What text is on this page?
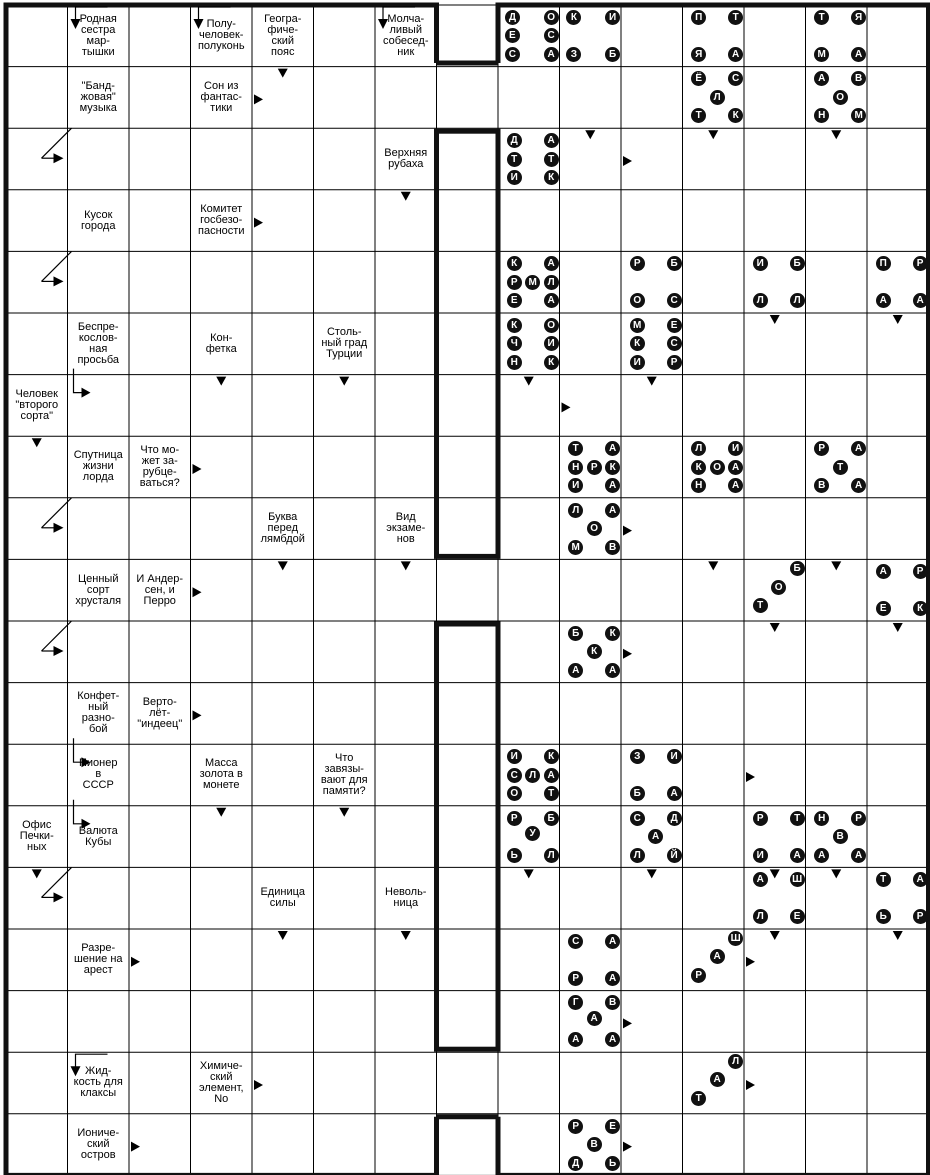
Родная
сестра
мар-
тышки
Полу-
человек-
полуконь
Геогра-
фиче-
ский
пояс
Молча-
ливый
собесед-
ник
"Банд-
жовая"
музыка
Сон из
фантас-
тики
Верхняя
рубаха
Кусок
города
Комитет
госбезо-
пасности
Беспре-
кослов-
ная
просьба
Кон-
фетка
Столь-
ный град
Турции
Человек
"второго
сорта"
Спутница
жизни
лорда
Что мо-
жет за-
рубце-
ваться?
Буква
перед
лямбдой
Вид
экзаме-
нов
Ценный
сорт
хрусталя
И Андер-
сен, и
Перро
Конфет-
ный
разно-
бой
Верто-
лёт-
"индеец"
Пионер
в
СССР
Масса
золота в
монете
Что
завязы-
вают для
памяти?
Офис
Печки-
ных
Валюта
Кубы
Единица
силы
Неволь-
ница
Разре-
шение на
арест
Жид-
кость для
клаксы
Химиче-
ский
элемент,
No
Иониче-
ский
остров
Д	О
Е	С
С	А
К	И
З	Б
П	Т
Я	А
Т	Я
М	А
Ё	С
Л
Т	К
А	В
О
Н	М
Д	А
Т	Т
И	К
К	А
Р	М	Л
Е	А
Р	Б
О	С
И	Б
Л	Л
П	Р
А	А
К	О
Ч	И
Н	К
М	Е
К	С
И	Р
Т	А
Н	Р	К
И	А
Л	И
К	О	А
Н	А
Р	А
Т
В	А
Л	А
О
М	В
Б
О
Т
А	Р
Е	К
Б	К
К
А	А
И	К
С	Л	А
О	Т
З	И
Б	А
Р	Б
У
Ь	Л
С	Д
А
Л	Й
Р	Т
И	А
Н	Р
В
А	А
А	Ш
Л	Е
Т	А
Ь	Р
С	А
Р	А
Ш
А
Р
Г	В
А
А	А
Л
А
Т
Р	Е
В
Д	Ь
